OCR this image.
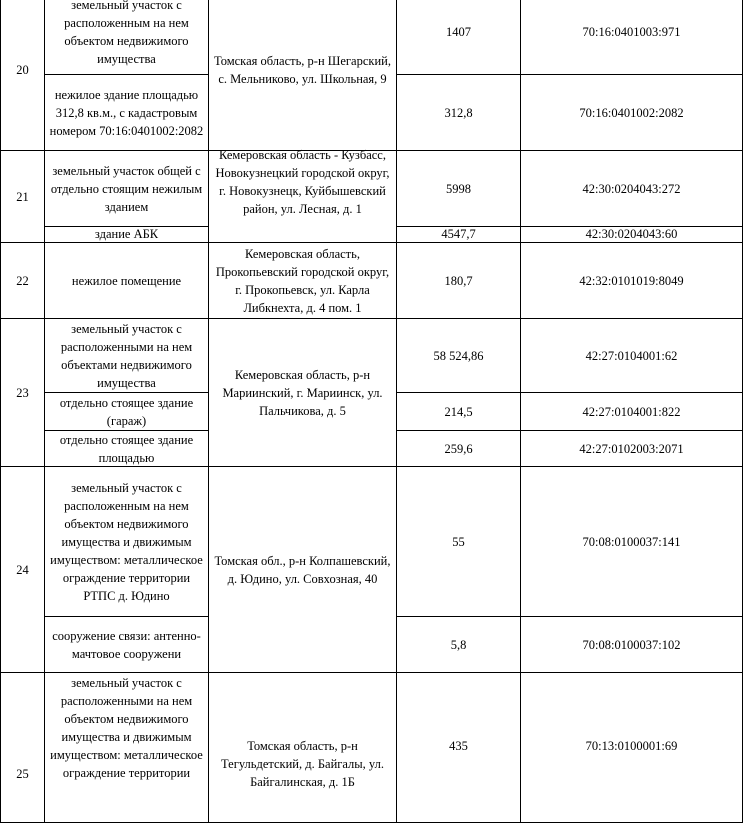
20	земельный участок с расположенным на нем объектом недвижимого имущества	Томская область, р-н Шегарский, с. Мельниково, ул. Школьная, 9	1407	70:16:0401003:971
	нежилое здание площадью 312,8 кв.м., с кадастровым номером 70:16:0401002:2082		312,8	70:16:0401002:2082
21	земельный участок общей с отдельно стоящим нежилым зданием	Кемеровская область - Кузбасс, Новокузнецкий городской округ, г. Новокузнецк, Куйбышевский район, ул. Лесная, д. 1	5998	42:30:0204043:272
	здание АБК		4547,7	42:30:0204043:60
22	нежилое помещение	Кемеровская область, Прокопьевский городской округ, г. Прокопьевск, ул. Карла Либкнехта, д. 4 пом. 1	180,7	42:32:0101019:8049
23	земельный участок с расположенными на нем объектами недвижимого имущества	Кемеровская область, р-н Мариинский, г. Мариинск, ул. Пальчикова, д. 5	58 524,86	42:27:0104001:62
	отдельно стоящее здание (гараж)		214,5	42:27:0104001:822

	отдельно стоящее здание площадью		259,6	42:27:0102003:2071
24	земельный участок с расположенным на нем объектом недвижимого имущества и движимым имуществом: металлическое ограждение территории РТПС д. Юдино	Томская обл., р-н Колпашевский, д. Юдино, ул. Совхозная, 40	55	70:08:0100037:141
	сооружение связи: антенно-мачтовое сооружени		5,8	70:08:0100037:102
25	земельный участок с расположенными на нем объектом недвижимого имущества и движимым имуществом: металлическое ограждение территории	Томская область, р-н Тегульдетский, д. Байгалы, ул. Байгалинская, д. 1Б	435	70:13:0100001:69
